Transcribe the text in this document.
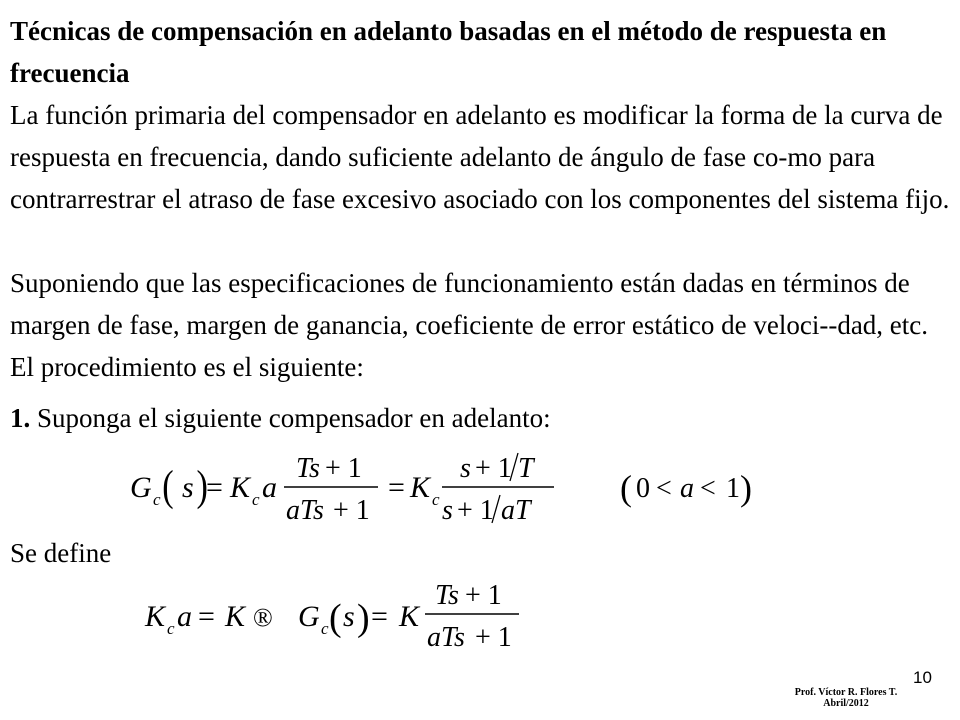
Técnicas de compensación en adelanto basadas en el método de respuesta en frecuencia
La función primaria del compensador en adelanto es modificar la forma de la curva de respuesta en frecuencia, dando suficiente adelanto de ángulo de fase co-mo para contrarrestrar el atraso de fase excesivo asociado con los componentes del sistema fijo.
Suponiendo que las especificaciones de funcionamiento están dadas en términos de margen de fase, margen de ganancia, coeficiente de error estático de veloci--dad, etc. El procedimiento es el siguiente:
1. Suponga el siguiente compensador en adelanto:
G c ( s )
= K c a
Ts + 1
aTs + 1
= K c
s + 1 T
s + 1 aT
( 0 < a < 1 )
Se define
K c a = K ® G c ( s ) = K
Ts + 1
aTs + 1
10
Prof. Víctor R. Flores T.
Abril/2012
